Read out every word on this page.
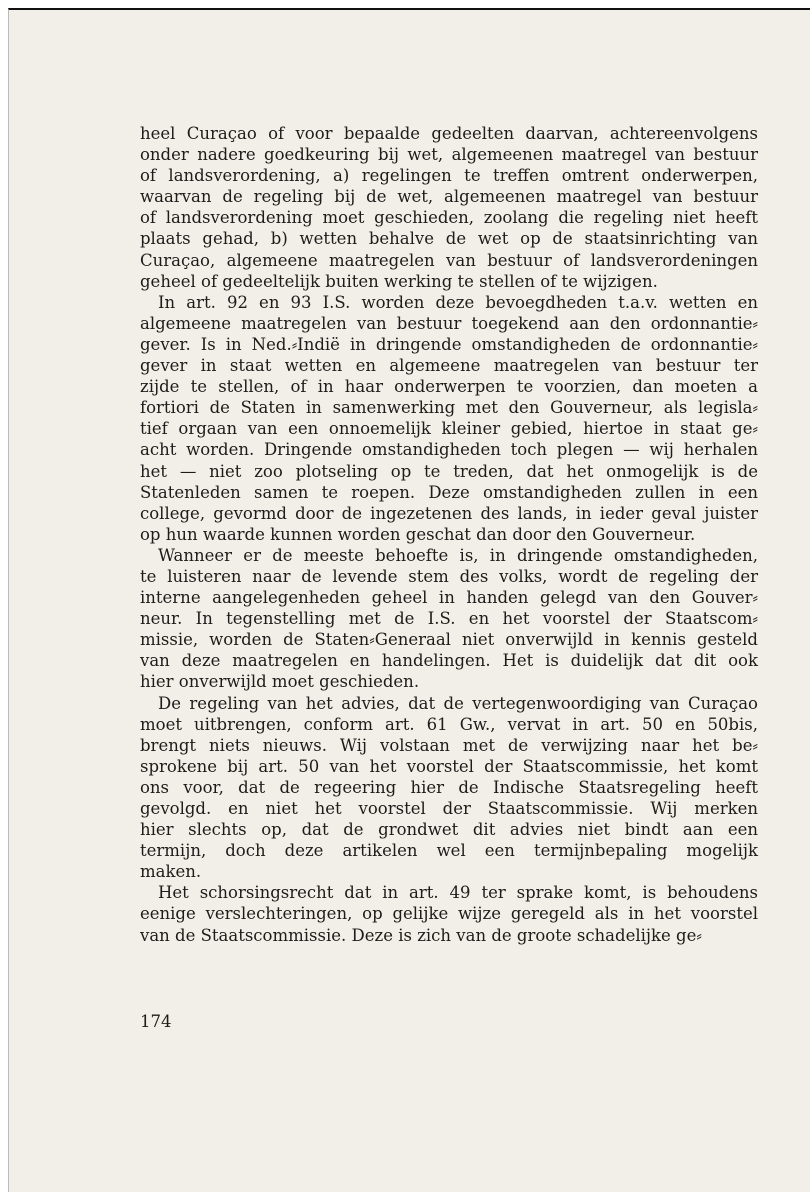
heel Curaçao of voor bepaalde gedeelten daarvan, achtereenvolgens
onder nadere goedkeuring bij wet, algemeenen maatregel van bestuur
of landsverordening, a) regelingen te treffen omtrent onderwerpen,
waarvan de regeling bij de wet, algemeenen maatregel van bestuur
of landsverordening moet geschieden, zoolang die regeling niet heeft
plaats gehad, b) wetten behalve de wet op de staatsinrichting van
Curaçao, algemeene maatregelen van bestuur of landsverordeningen
geheel of gedeeltelijk buiten werking te stellen of te wijzigen.

In art. 92 en 93 I.S. worden deze bevoegdheden t.a.v. wetten en
algemeene maatregelen van bestuur toegekend aan den ordonnantie⸗
gever. Is in Ned.⸗Indië in dringende omstandigheden de ordonnantie⸗
gever in staat wetten en algemeene maatregelen van bestuur ter
zijde te stellen, of in haar onderwerpen te voorzien, dan moeten a
fortiori de Staten in samenwerking met den Gouverneur, als legisla⸗
tief orgaan van een onnoemelijk kleiner gebied, hiertoe in staat ge⸗
acht worden. Dringende omstandigheden toch plegen — wij herhalen
het — niet zoo plotseling op te treden, dat het onmogelijk is de
Statenleden samen te roepen. Deze omstandigheden zullen in een
college, gevormd door de ingezetenen des lands, in ieder geval juister
op hun waarde kunnen worden geschat dan door den Gouverneur.

Wanneer er de meeste behoefte is, in dringende omstandigheden,
te luisteren naar de levende stem des volks, wordt de regeling der
interne aangelegenheden geheel in handen gelegd van den Gouver⸗
neur. In tegenstelling met de I.S. en het voorstel der Staatscom⸗
missie, worden de Staten⸗Generaal niet onverwijld in kennis gesteld
van deze maatregelen en handelingen. Het is duidelijk dat dit ook
hier onverwijld moet geschieden.

De regeling van het advies, dat de vertegenwoordiging van Curaçao
moet uitbrengen, conform art. 61 Gw., vervat in art. 50 en 50bis,
brengt niets nieuws. Wij volstaan met de verwijzing naar het be⸗
sprokene bij art. 50 van het voorstel der Staatscommissie, het komt
ons voor, dat de regeering hier de Indische Staatsregeling heeft
gevolgd. en niet het voorstel der Staatscommissie. Wij merken
hier slechts op, dat de grondwet dit advies niet bindt aan een
termijn, doch deze artikelen wel een termijnbepaling mogelijk
maken.

Het schorsingsrecht dat in art. 49 ter sprake komt, is behoudens
eenige verslechteringen, op gelijke wijze geregeld als in het voorstel
van de Staatscommissie. Deze is zich van de groote schadelijke ge⸗

174
